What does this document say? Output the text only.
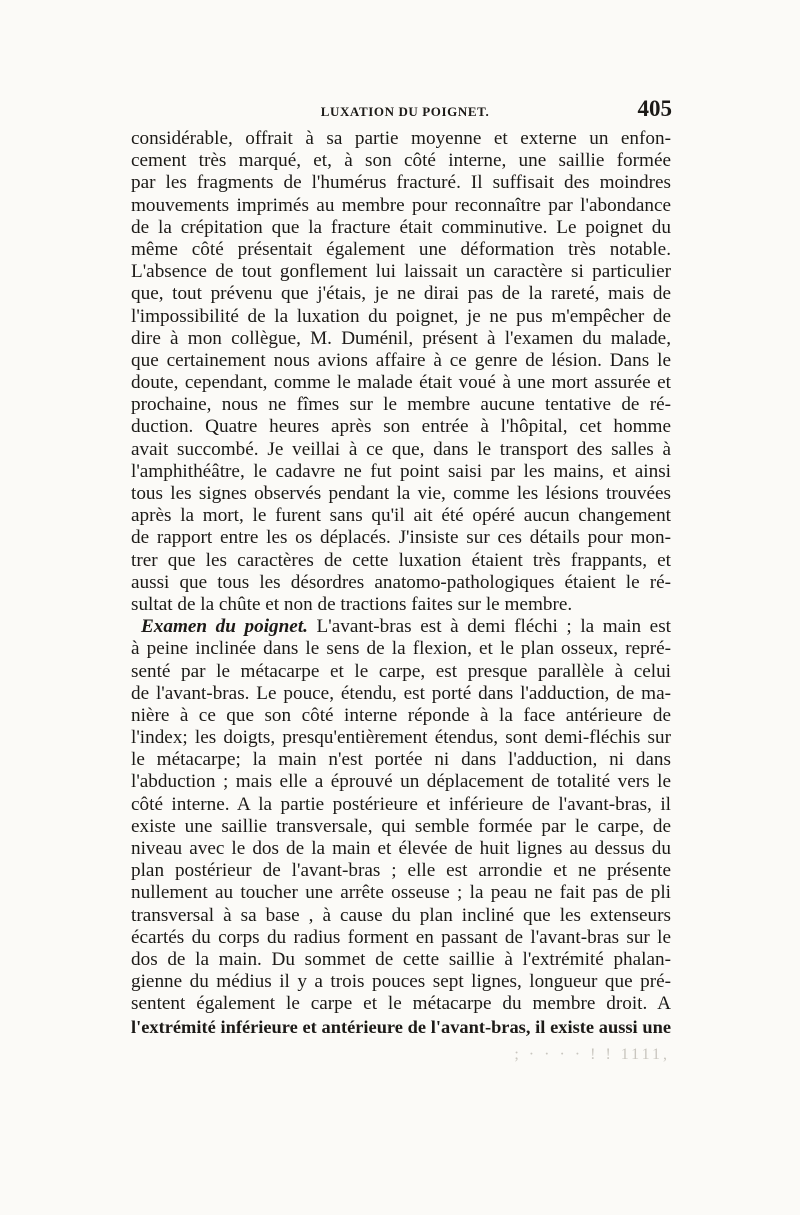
LUXATION DU POIGNET.	405
considérable, offrait à sa partie moyenne et externe un enfon-
cement très marqué, et, à son côté interne, une saillie formée
par les fragments de l'humérus fracturé. Il suffisait des moindres
mouvements imprimés au membre pour reconnaître par l'abondance
de la crépitation que la fracture était comminutive. Le poignet du
même côté présentait également une déformation très notable.
L'absence de tout gonflement lui laissait un caractère si particulier
que, tout prévenu que j'étais, je ne dirai pas de la rareté, mais de
l'impossibilité de la luxation du poignet, je ne pus m'empêcher de
dire à mon collègue, M. Duménil, présent à l'examen du malade,
que certainement nous avions affaire à ce genre de lésion. Dans le
doute, cependant, comme le malade était voué à une mort assurée et
prochaine, nous ne fîmes sur le membre aucune tentative de ré-
duction. Quatre heures après son entrée à l'hôpital, cet homme
avait succombé. Je veillai à ce que, dans le transport des salles à
l'amphithéâtre, le cadavre ne fut point saisi par les mains, et ainsi
tous les signes observés pendant la vie, comme les lésions trouvées
après la mort, le furent sans qu'il ait été opéré aucun changement
de rapport entre les os déplacés. J'insiste sur ces détails pour mon-
trer que les caractères de cette luxation étaient très frappants, et
aussi que tous les désordres anatomo-pathologiques étaient le ré-
sultat de la chûte et non de tractions faites sur le membre.
Examen du poignet. L'avant-bras est à demi fléchi ; la main est
à peine inclinée dans le sens de la flexion, et le plan osseux, repré-
senté par le métacarpe et le carpe, est presque parallèle à celui
de l'avant-bras. Le pouce, étendu, est porté dans l'adduction, de ma-
nière à ce que son côté interne réponde à la face antérieure de
l'index; les doigts, presqu'entièrement étendus, sont demi-fléchis sur
le métacarpe; la main n'est portée ni dans l'adduction, ni dans
l'abduction ; mais elle a éprouvé un déplacement de totalité vers le
côté interne. A la partie postérieure et inférieure de l'avant-bras, il
existe une saillie transversale, qui semble formée par le carpe, de
niveau avec le dos de la main et élevée de huit lignes au dessus du
plan postérieur de l'avant-bras ; elle est arrondie et ne présente
nullement au toucher une arrête osseuse ; la peau ne fait pas de pli
transversal à sa base , à cause du plan incliné que les extenseurs
écartés du corps du radius forment en passant de l'avant-bras sur le
dos de la main. Du sommet de cette saillie à l'extrémité phalan-
gienne du médius il y a trois pouces sept lignes, longueur que pré-
sentent également le carpe et le métacarpe du membre droit. A
l'extrémité inférieure et antérieure de l'avant-bras, il existe aussi une
; · · · · ! ! 1111,
